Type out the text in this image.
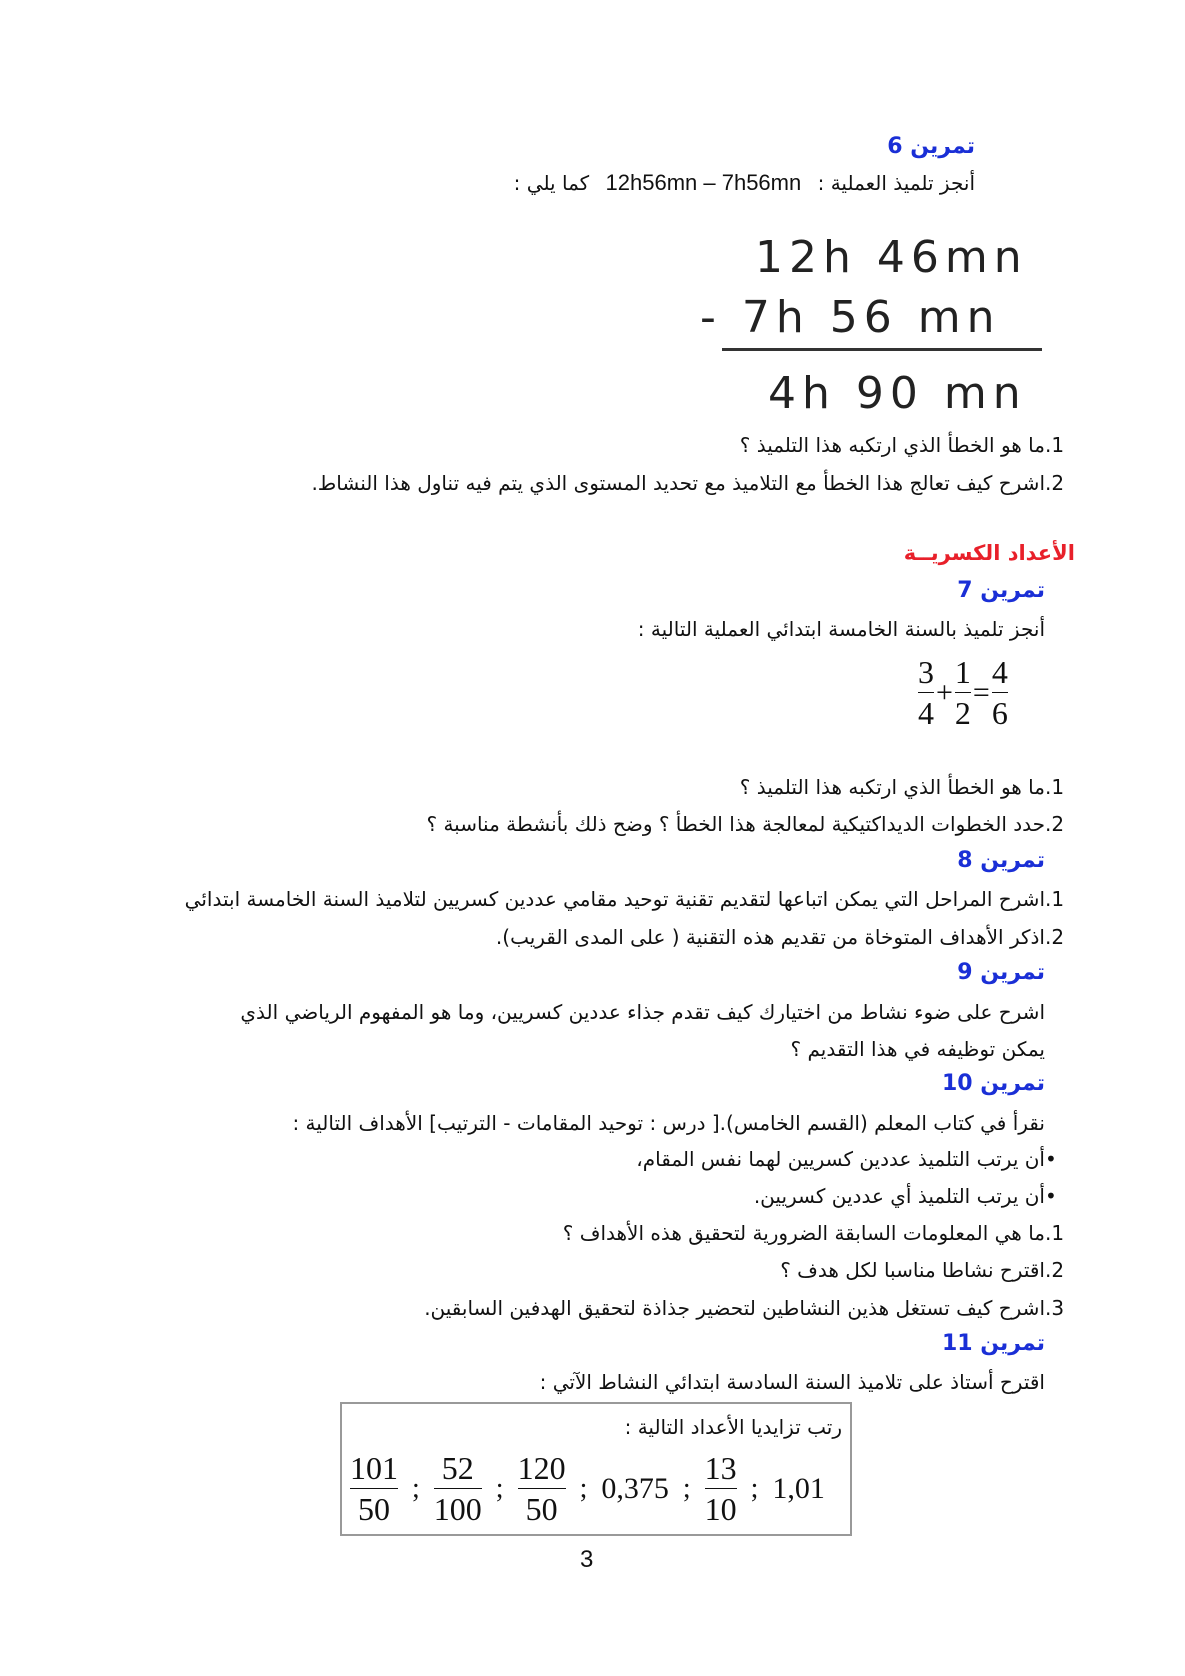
تمرين 6
أنجز تلميذ العملية : 12h56mn – 7h56mn كما يلي :
12h 46mn
- 7h 56 mn
4h 90 mn
1.ما هو الخطأ الذي ارتكبه هذا التلميذ ؟
2.اشرح كيف تعالج هذا الخطأ مع التلاميذ مع تحديد المستوى الذي يتم فيه تناول هذا النشاط.
الأعداد الكسريــة
تمرين 7
أنجز تلميذ بالسنة الخامسة ابتدائي العملية التالية :
$\frac{3}{4} + \frac{1}{2} = \frac{4}{6}$
1.ما هو الخطأ الذي ارتكبه هذا التلميذ ؟
2.حدد الخطوات الديداكتيكية لمعالجة هذا الخطأ ؟ وضح ذلك بأنشطة مناسبة ؟
تمرين 8
1.اشرح المراحل التي يمكن اتباعها لتقديم تقنية توحيد مقامي عددين كسريين لتلاميذ السنة الخامسة ابتدائي
2.اذكر الأهداف المتوخاة من تقديم هذه التقنية ( على المدى القريب).
تمرين 9
اشرح على ضوء نشاط من اختيارك كيف تقدم جذاء عددين كسريين، وما هو المفهوم الرياضي الذي
يمكن توظيفه في هذا التقديم ؟
تمرين 10
نقرأ في كتاب المعلم (القسم الخامس).[ درس : توحيد المقامات - الترتيب] الأهداف التالية :
•أن يرتب التلميذ عددين كسريين لهما نفس المقام،
•أن يرتب التلميذ أي عددين كسريين.
1.ما هي المعلومات السابقة الضرورية لتحقيق هذه الأهداف ؟
2.اقترح نشاطا مناسبا لكل هدف ؟
3.اشرح كيف تستغل هذين النشاطين لتحضير جذاذة لتحقيق الهدفين السابقين.
تمرين 11
اقترح أستاذ على تلاميذ السنة السادسة ابتدائي النشاط الآتي :
رتب تزايديا الأعداد التالية :
$\frac{101}{50}$ ; $\frac{52}{100}$ ; $\frac{120}{50}$ ; 0,375 ; $\frac{13}{10}$ ; 1,01
3
